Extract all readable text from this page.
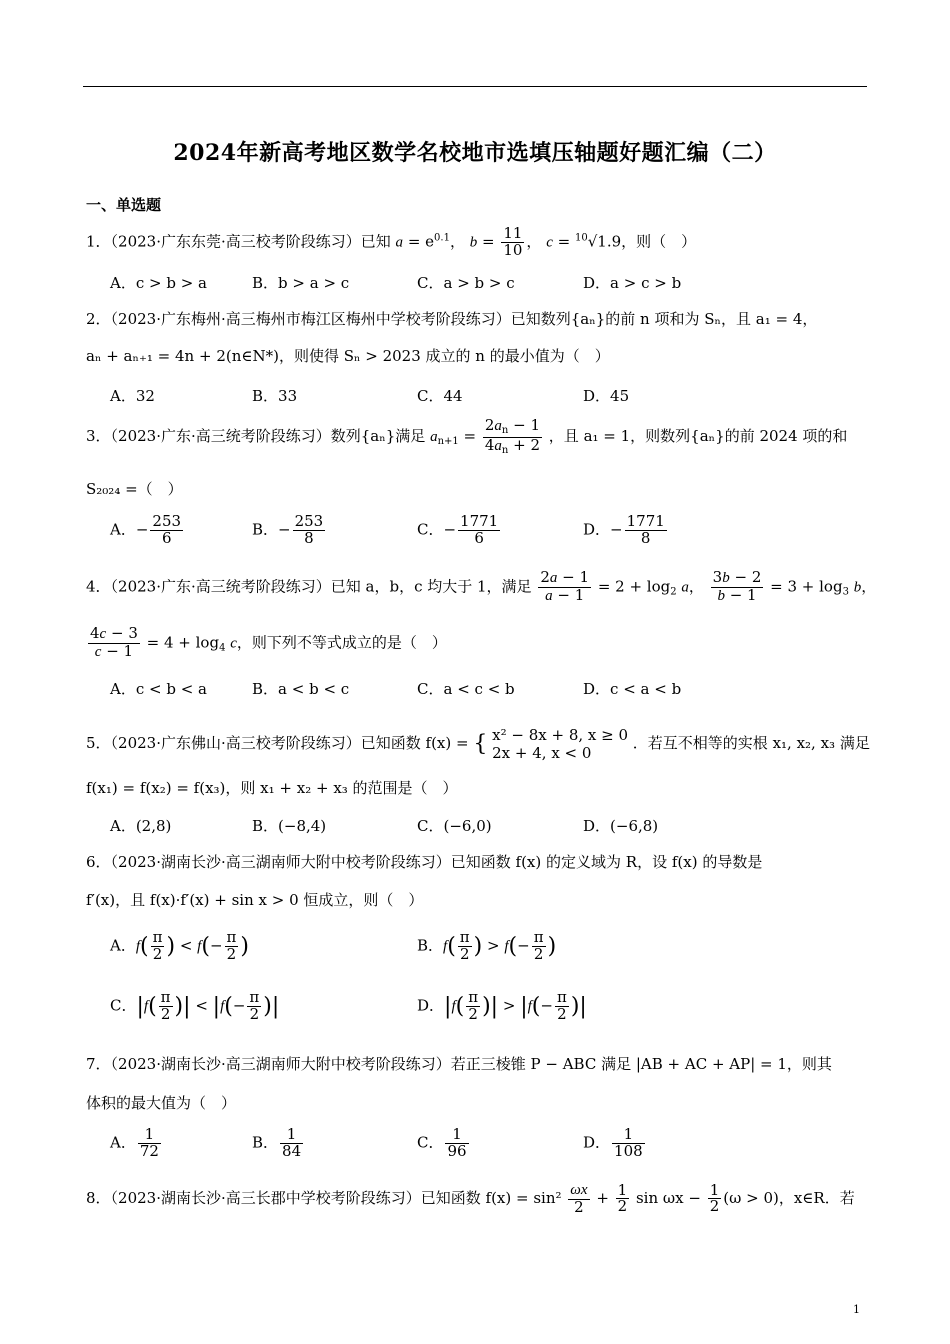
2024年新高考地区数学名校地市选填压轴题好题汇编（二）
一、单选题
1．（2023·广东东莞·高三校考阶段练习）已知 $a = e^{0.1}$， $b = \frac{11}{10}$ ， c = $^{10}$√1.9，则（　）
A．c > b > a	B．b > a > c	C．a > b > c	D．a > c > b
2．（2023·广东梅州·高三梅州市梅江区梅州中学校考阶段练习）已知数列{aₙ}的前 n 项和为 Sₙ，且 a₁ = 4，
aₙ + aₙ₊₁ = 4n + 2(n∈N*)，则使得 Sₙ > 2023 成立的 n 的最小值为（　）
A．32	B．33	C．44	D．45
3．（2023·广东·高三统考阶段练习）数列{aₙ}满足 $a_{n+1} = \frac{2a_n - 1}{4a_n + 2}$ ，且 a₁ = 1，则数列{aₙ}的前 2024 项的和
S₂₀₂₄ =（　）
A．− $\frac{253}{6}$	B．− $\frac{253}{8}$	C．− $\frac{1771}{6}$	D．− $\frac{1771}{8}$
4．（2023·广东·高三统考阶段练习）已知 a，b，c 均大于 1，满足 $\frac{2a - 1}{a - 1} = 2 + \log_2 a$， $\frac{3b - 2}{b - 1} = 3 + \log_3 b$，
$\frac{4c - 3}{c - 1} = 4 + \log_4 c$，则下列不等式成立的是（　）
A．c < b < a	B．a < b < c	C．a < c < b	D．c < a < b
5．（2023·广东佛山·高三校考阶段练习）已知函数 f(x) = { x² − 8x + 8, x ≥ 0
2x + 4, x < 0
．若互不相等的实根 x₁, x₂, x₃ 满足
f(x₁) = f(x₂) = f(x₃)，则 x₁ + x₂ + x₃ 的范围是（　）
A．(2,8)	B．(−8,4)	C．(−6,0)	D．(−6,8)
6．（2023·湖南长沙·高三湖南师大附中校考阶段练习）已知函数 f(x) 的定义域为 R，设 f(x) 的导数是
f′(x)，且 f(x)·f′(x) + sin x > 0 恒成立，则（　）
A．$f( \frac{\pi}{2}$ ) < $f(- \frac{\pi}{2}$ )	B．$f( \frac{\pi}{2}$ ) > $f(- \frac{\pi}{2}$ )
C．$|f( \frac{\pi}{2}$ )| < $|f(- \frac{\pi}{2}$ )|	D．$|f( \frac{\pi}{2}$ )| > $|f(- \frac{\pi}{2}$ )|
7．（2023·湖南长沙·高三湖南师大附中校考阶段练习）若正三棱锥 P − ABC 满足 |AB + AC + AP| = 1，则其
体积的最大值为（　）
A． $\frac{1}{72}$	B． $\frac{1}{84}$	C． $\frac{1}{96}$	D． $\frac{1}{108}$
8．（2023·湖南长沙·高三长郡中学校考阶段练习）已知函数 $f(x) = \sin^2 \frac{\omega x}{2} + \frac{1}{2}$ $\sin \omega x - \frac{1}{2} (\omega > 0)$，x∈R．若
1
